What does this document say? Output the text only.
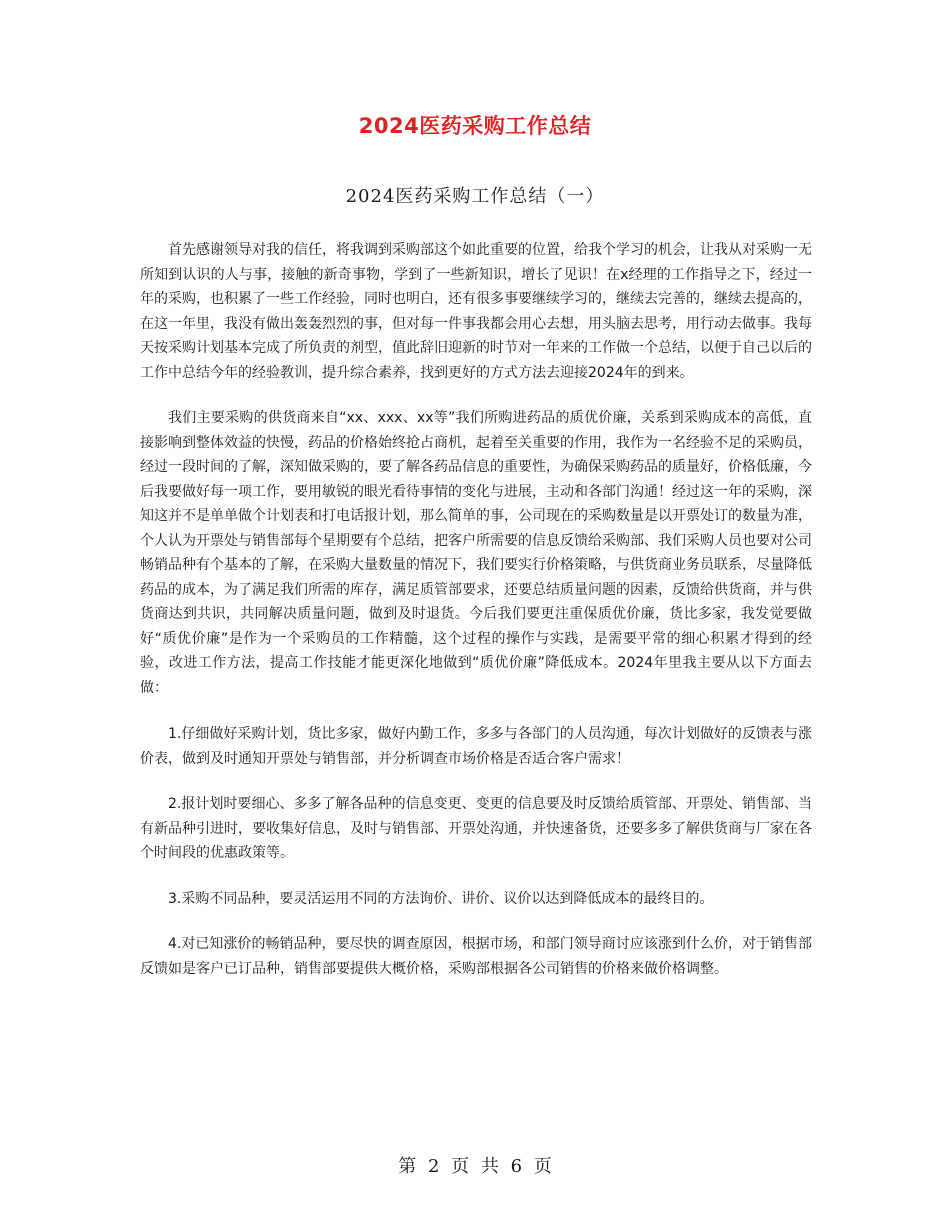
2024医药采购工作总结
2024医药采购工作总结（一）

首先感谢领导对我的信任，将我调到采购部这个如此重要的位置，给我个学习的机会，让我从对采购一无所知到认识的人与事，接触的新奇事物，学到了一些新知识，增长了见识！在x经理的工作指导之下，经过一年的采购，也积累了一些工作经验，同时也明白，还有很多事要继续学习的，继续去完善的，继续去提高的，在这一年里，我没有做出轰轰烈烈的事，但对每一件事我都会用心去想，用头脑去思考，用行动去做事。我每天按采购计划基本完成了所负责的剂型，值此辞旧迎新的时节对一年来的工作做一个总结，以便于自己以后的工作中总结今年的经验教训，提升综合素养，找到更好的方式方法去迎接2024年的到来。

我们主要采购的供货商来自“xx、xxx、xx等”我们所购进药品的质优价廉，关系到采购成本的高低，直接影响到整体效益的快慢，药品的价格始终抢占商机，起着至关重要的作用，我作为一名经验不足的采购员，经过一段时间的了解，深知做采购的，要了解各药品信息的重要性，为确保采购药品的质量好，价格低廉，今后我要做好每一项工作，要用敏锐的眼光看待事情的变化与进展，主动和各部门沟通！经过这一年的采购，深知这并不是单单做个计划表和打电话报计划，那么简单的事，公司现在的采购数量是以开票处订的数量为准，个人认为开票处与销售部每个星期要有个总结，把客户所需要的信息反馈给采购部、我们采购人员也要对公司畅销品种有个基本的了解，在采购大量数量的情况下，我们要实行价格策略，与供货商业务员联系，尽量降低药品的成本，为了满足我们所需的库存，满足质管部要求，还要总结质量问题的因素，反馈给供货商，并与供货商达到共识，共同解决质量问题，做到及时退货。今后我们要更注重保质优价廉，货比多家，我发觉要做好“质优价廉”是作为一个采购员的工作精髓，这个过程的操作与实践，是需要平常的细心积累才得到的经验，改进工作方法，提高工作技能才能更深化地做到“质优价廉”降低成本。2024年里我主要从以下方面去做：

1.仔细做好采购计划，货比多家，做好内勤工作，多多与各部门的人员沟通，每次计划做好的反馈表与涨价表，做到及时通知开票处与销售部，并分析调查市场价格是否适合客户需求！

2.报计划时要细心、多多了解各品种的信息变更、变更的信息要及时反馈给质管部、开票处、销售部、当有新品种引进时，要收集好信息，及时与销售部、开票处沟通，并快速备货，还要多多了解供货商与厂家在各个时间段的优惠政策等。

3.采购不同品种，要灵活运用不同的方法询价、讲价、议价以达到降低成本的最终目的。

4.对已知涨价的畅销品种，要尽快的调查原因，根据市场，和部门领导商讨应该涨到什么价，对于销售部反馈如是客户已订品种，销售部要提供大概价格，采购部根据各公司销售的价格来做价格调整。

第 2 页 共 6 页
